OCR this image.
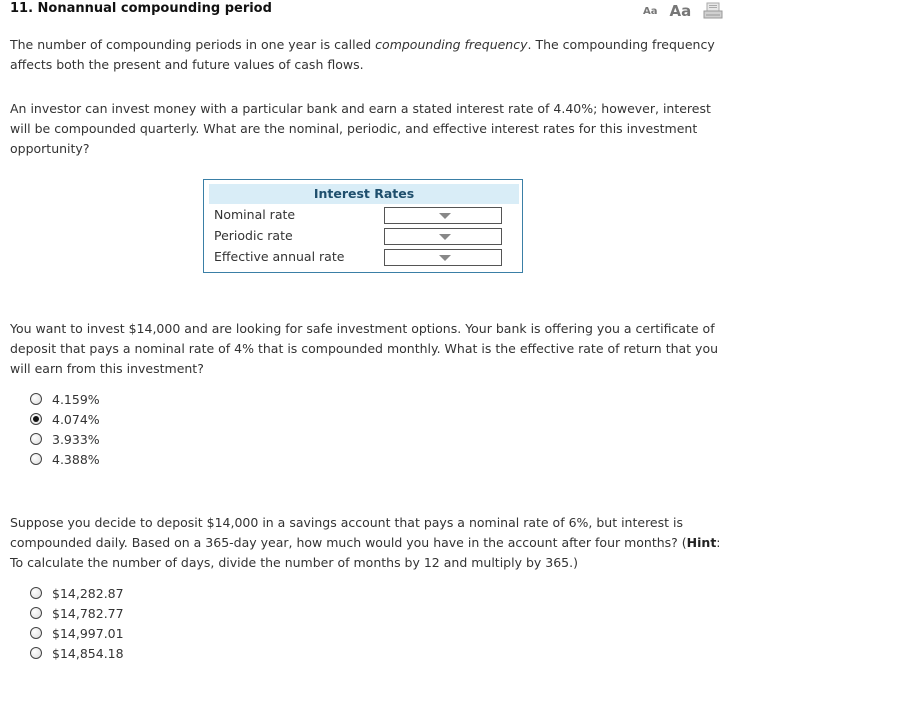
11. Nonannual compounding period	Aa Aa

The number of compounding periods in one year is called compounding frequency. The compounding frequency affects both the present and future values of cash flows.

An investor can invest money with a particular bank and earn a stated interest rate of 4.40%; however, interest will be compounded quarterly. What are the nominal, periodic, and effective interest rates for this investment opportunity?

Interest Rates
Nominal rate
Periodic rate
Effective annual rate

You want to invest $14,000 and are looking for safe investment options. Your bank is offering you a certificate of deposit that pays a nominal rate of 4% that is compounded monthly. What is the effective rate of return that you will earn from this investment?

4.159%
4.074%
3.933%
4.388%

Suppose you decide to deposit $14,000 in a savings account that pays a nominal rate of 6%, but interest is compounded daily. Based on a 365-day year, how much would you have in the account after four months? (Hint: To calculate the number of days, divide the number of months by 12 and multiply by 365.)

$14,282.87
$14,782.77
$14,997.01
$14,854.18
